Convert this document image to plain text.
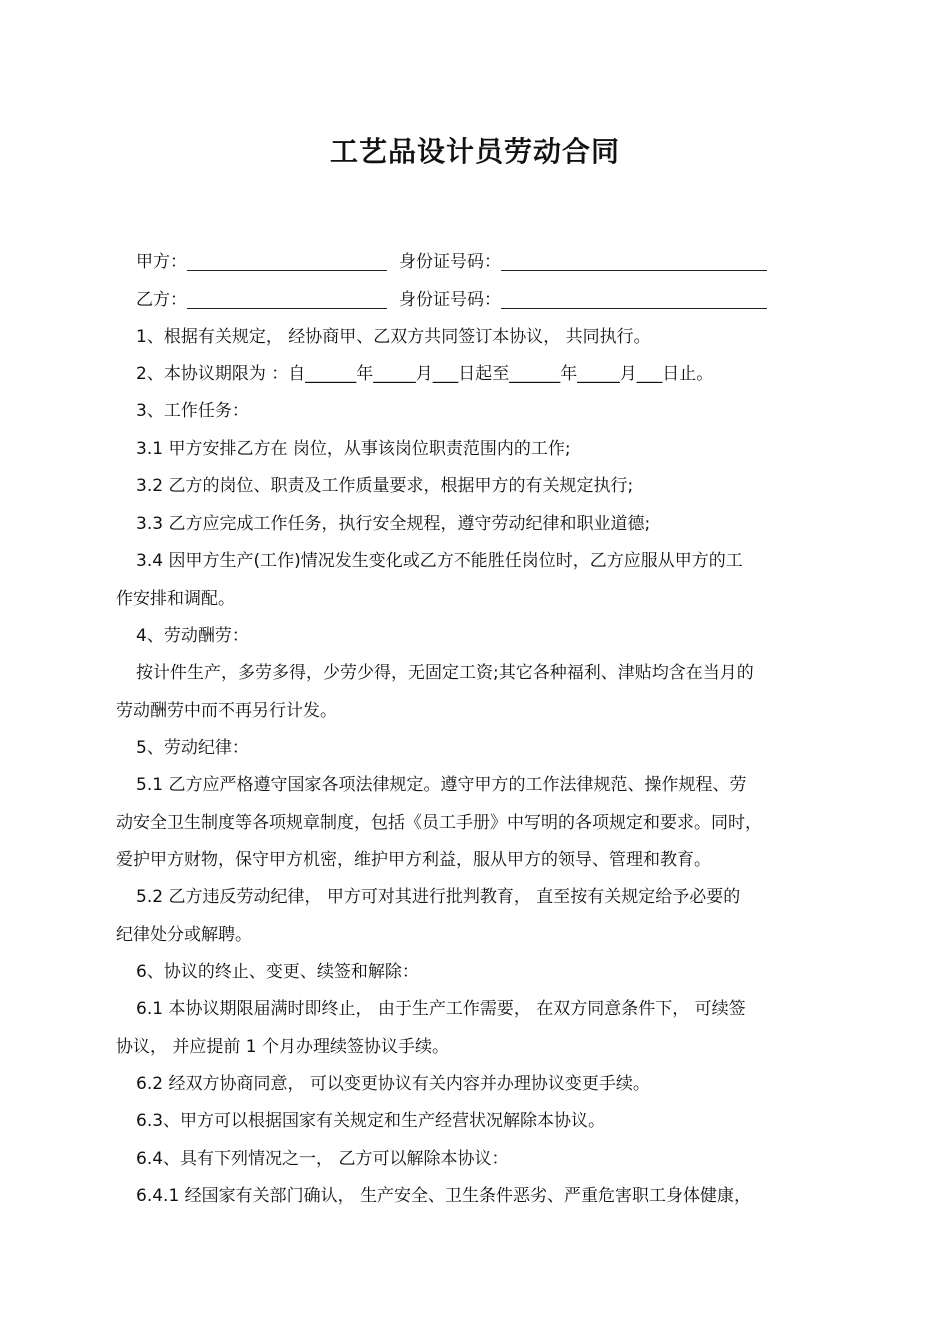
工艺品设计员劳动合同
甲方：	身份证号码：
乙方：	身份证号码：
1、根据有关规定， 经协商甲、乙双方共同签订本协议， 共同执行。
2、本协议期限为 ：自______年_____月___日起至______年_____月___日止。
3、工作任务：
3.1 甲方安排乙方在 岗位，从事该岗位职责范围内的工作;
3.2 乙方的岗位、职责及工作质量要求，根据甲方的有关规定执行;
3.3 乙方应完成工作任务，执行安全规程，遵守劳动纪律和职业道德;
3.4 因甲方生产(工作)情况发生变化或乙方不能胜任岗位时，乙方应服从甲方的工
作安排和调配。
4、劳动酬劳：
按计件生产，多劳多得，少劳少得，无固定工资;其它各种福利、津贴均含在当月的
劳动酬劳中而不再另行计发。
5、劳动纪律：
5.1 乙方应严格遵守国家各项法律规定。遵守甲方的工作法律规范、操作规程、劳
动安全卫生制度等各项规章制度，包括《员工手册》中写明的各项规定和要求。同时，
爱护甲方财物，保守甲方机密，维护甲方利益，服从甲方的领导、管理和教育。
5.2 乙方违反劳动纪律， 甲方可对其进行批判教育， 直至按有关规定给予必要的
纪律处分或解聘。
6、协议的终止、变更、续签和解除：
6.1 本协议期限届满时即终止， 由于生产工作需要， 在双方同意条件下， 可续签
协议， 并应提前 1 个月办理续签协议手续。
6.2 经双方协商同意， 可以变更协议有关内容并办理协议变更手续。
6.3、甲方可以根据国家有关规定和生产经营状况解除本协议。
6.4、具有下列情况之一， 乙方可以解除本协议：
6.4.1 经国家有关部门确认， 生产安全、卫生条件恶劣、严重危害职工身体健康，
